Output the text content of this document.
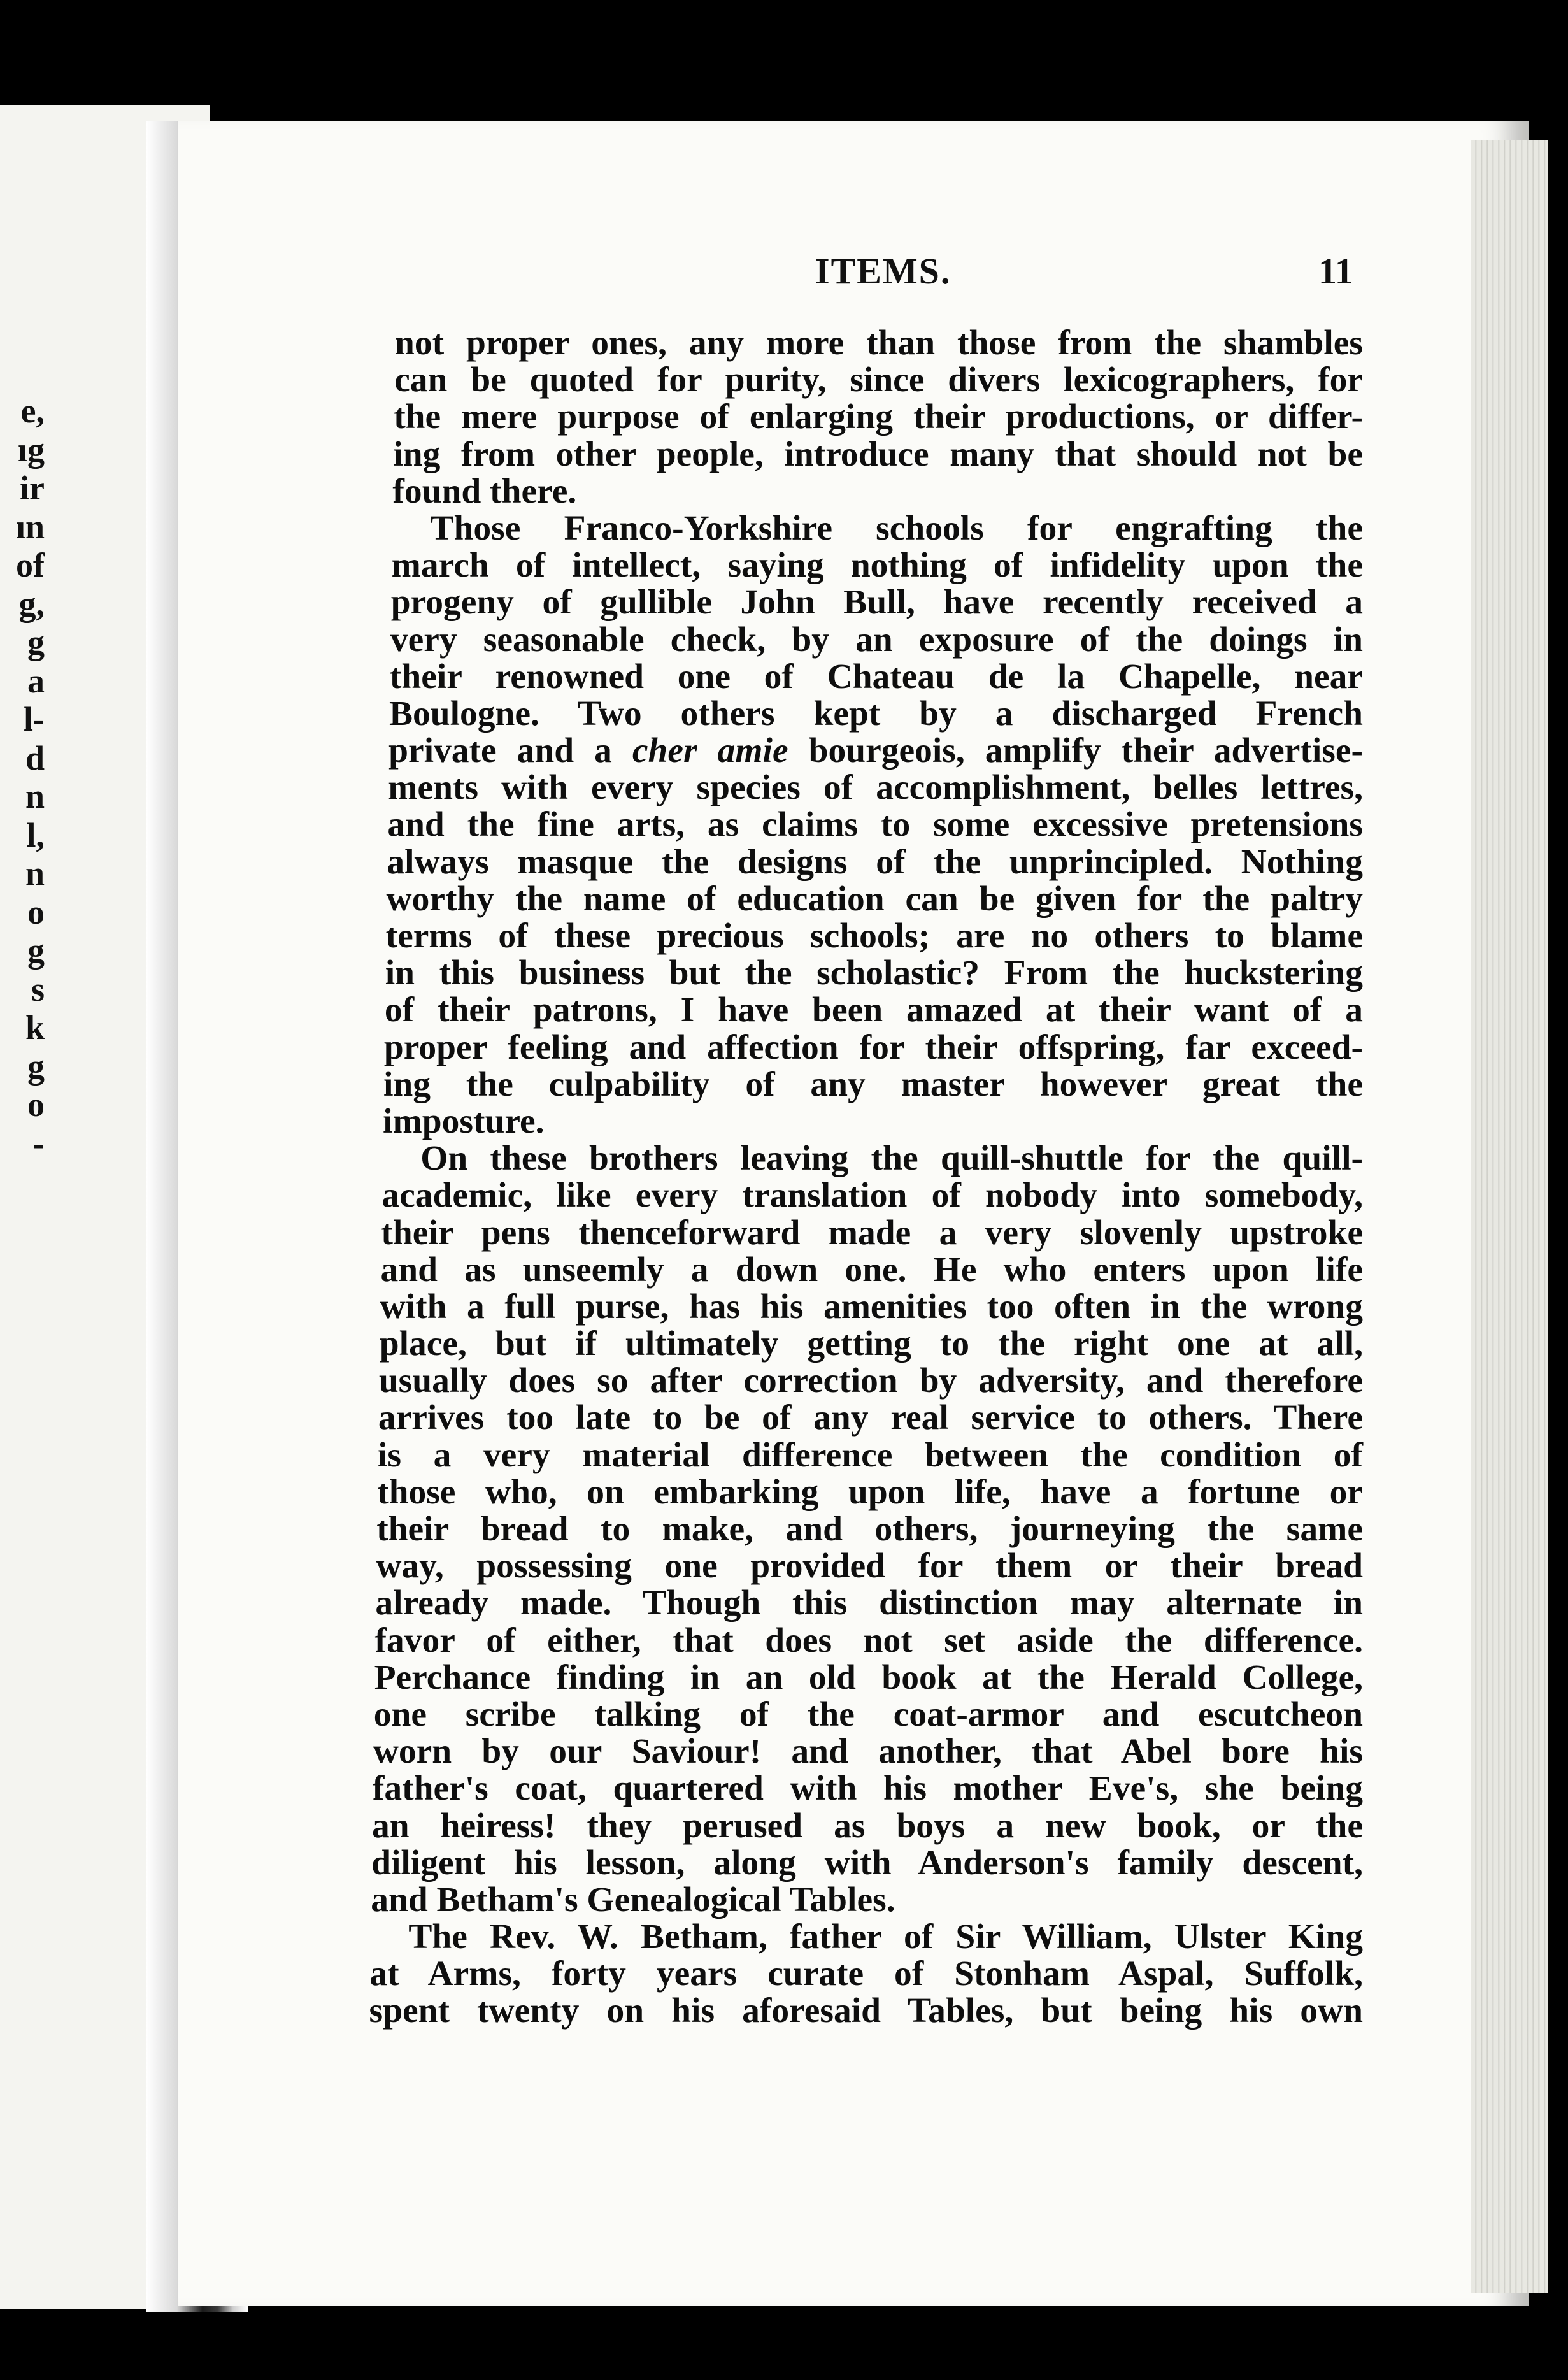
e,
ıg
ir
ın
of
g,
g
a
l-
d
n
l,
n
o
g
s
k
g
o
-
ITEMS.	11
not proper ones, any more than those from the shambles
can be quoted for purity, since divers lexicographers, for
the mere purpose of enlarging their productions, or differ-
ing from other people, introduce many that should not be
found there.
Those Franco-Yorkshire schools for engrafting the
march of intellect, saying nothing of infidelity upon the
progeny of gullible John Bull, have recently received a
very seasonable check, by an exposure of the doings in
their renowned one of Chateau de la Chapelle, near
Boulogne. Two others kept by a discharged French
private and a cher amie bourgeois, amplify their advertise-
ments with every species of accomplishment, belles lettres,
and the fine arts, as claims to some excessive pretensions
always masque the designs of the unprincipled. Nothing
worthy the name of education can be given for the paltry
terms of these precious schools; are no others to blame
in this business but the scholastic? From the huckstering
of their patrons, I have been amazed at their want of a
proper feeling and affection for their offspring, far exceed-
ing the culpability of any master however great the
imposture.
On these brothers leaving the quill-shuttle for the quill-
academic, like every translation of nobody into somebody,
their pens thenceforward made a very slovenly upstroke
and as unseemly a down one. He who enters upon life
with a full purse, has his amenities too often in the wrong
place, but if ultimately getting to the right one at all,
usually does so after correction by adversity, and therefore
arrives too late to be of any real service to others. There
is a very material difference between the condition of
those who, on embarking upon life, have a fortune or
their bread to make, and others, journeying the same
way, possessing one provided for them or their bread
already made. Though this distinction may alternate in
favor of either, that does not set aside the difference.
Perchance finding in an old book at the Herald College,
one scribe talking of the coat-armor and escutcheon
worn by our Saviour! and another, that Abel bore his
father's coat, quartered with his mother Eve's, she being
an heiress! they perused as boys a new book, or the
diligent his lesson, along with Anderson's family descent,
and Betham's Genealogical Tables.
The Rev. W. Betham, father of Sir William, Ulster King
at Arms, forty years curate of Stonham Aspal, Suffolk,
spent twenty on his aforesaid Tables, but being his own
